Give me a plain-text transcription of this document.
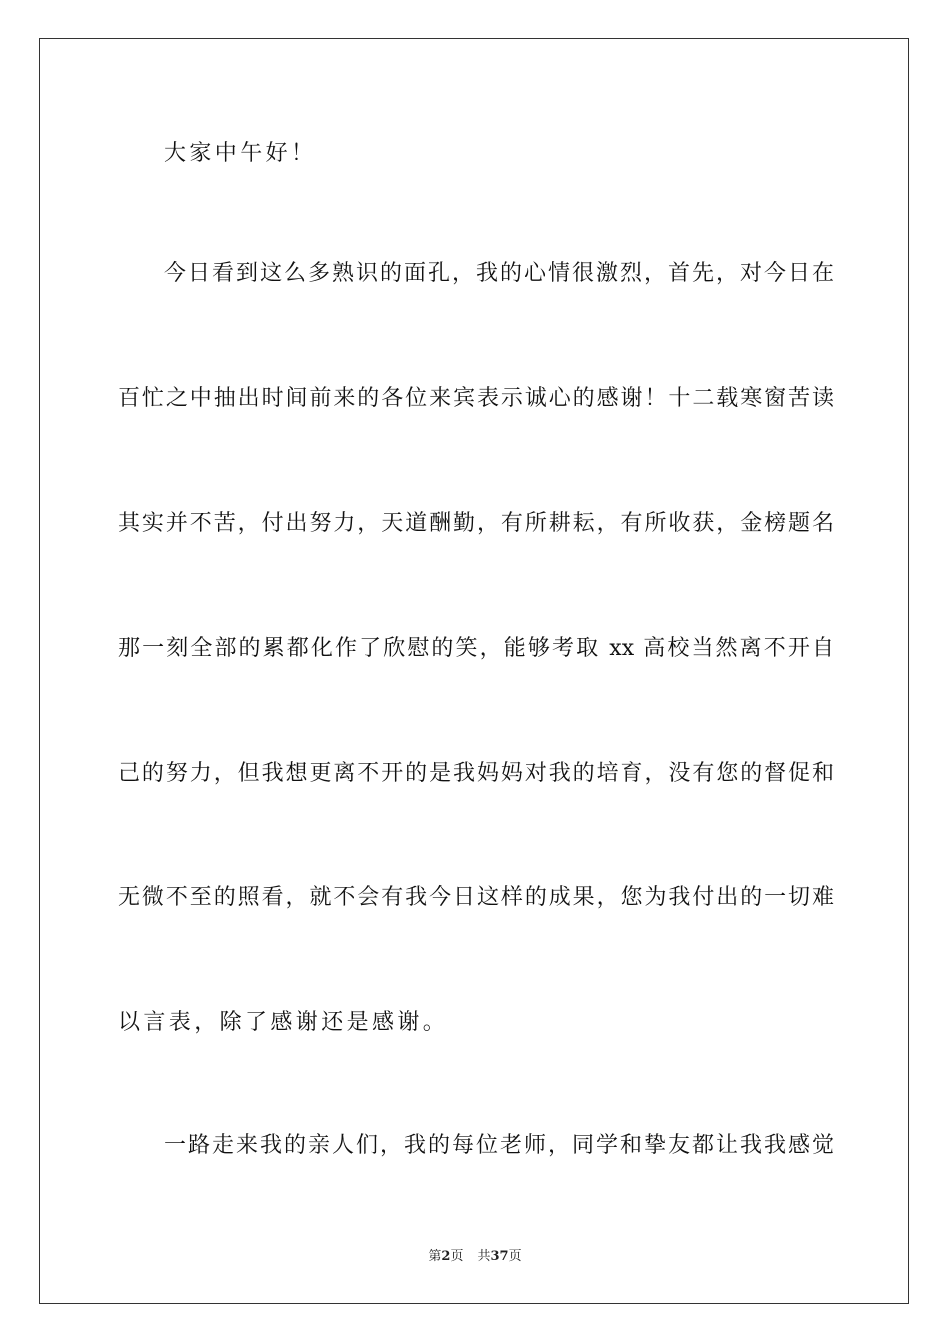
大家中午好！
今日看到这么多熟识的面孔，我的心情很激烈，首先，对今日在
百忙之中抽出时间前来的各位来宾表示诚心的感谢！十二载寒窗苦读
其实并不苦，付出努力，天道酬勤，有所耕耘，有所收获，金榜题名
那一刻全部的累都化作了欣慰的笑，能够考取 xx 高校当然离不开自
己的努力，但我想更离不开的是我妈妈对我的培育，没有您的督促和
无微不至的照看，就不会有我今日这样的成果，您为我付出的一切难
以言表，除了感谢还是感谢。
一路走来我的亲人们，我的每位老师，同学和挚友都让我我感觉
第2页 共37页
